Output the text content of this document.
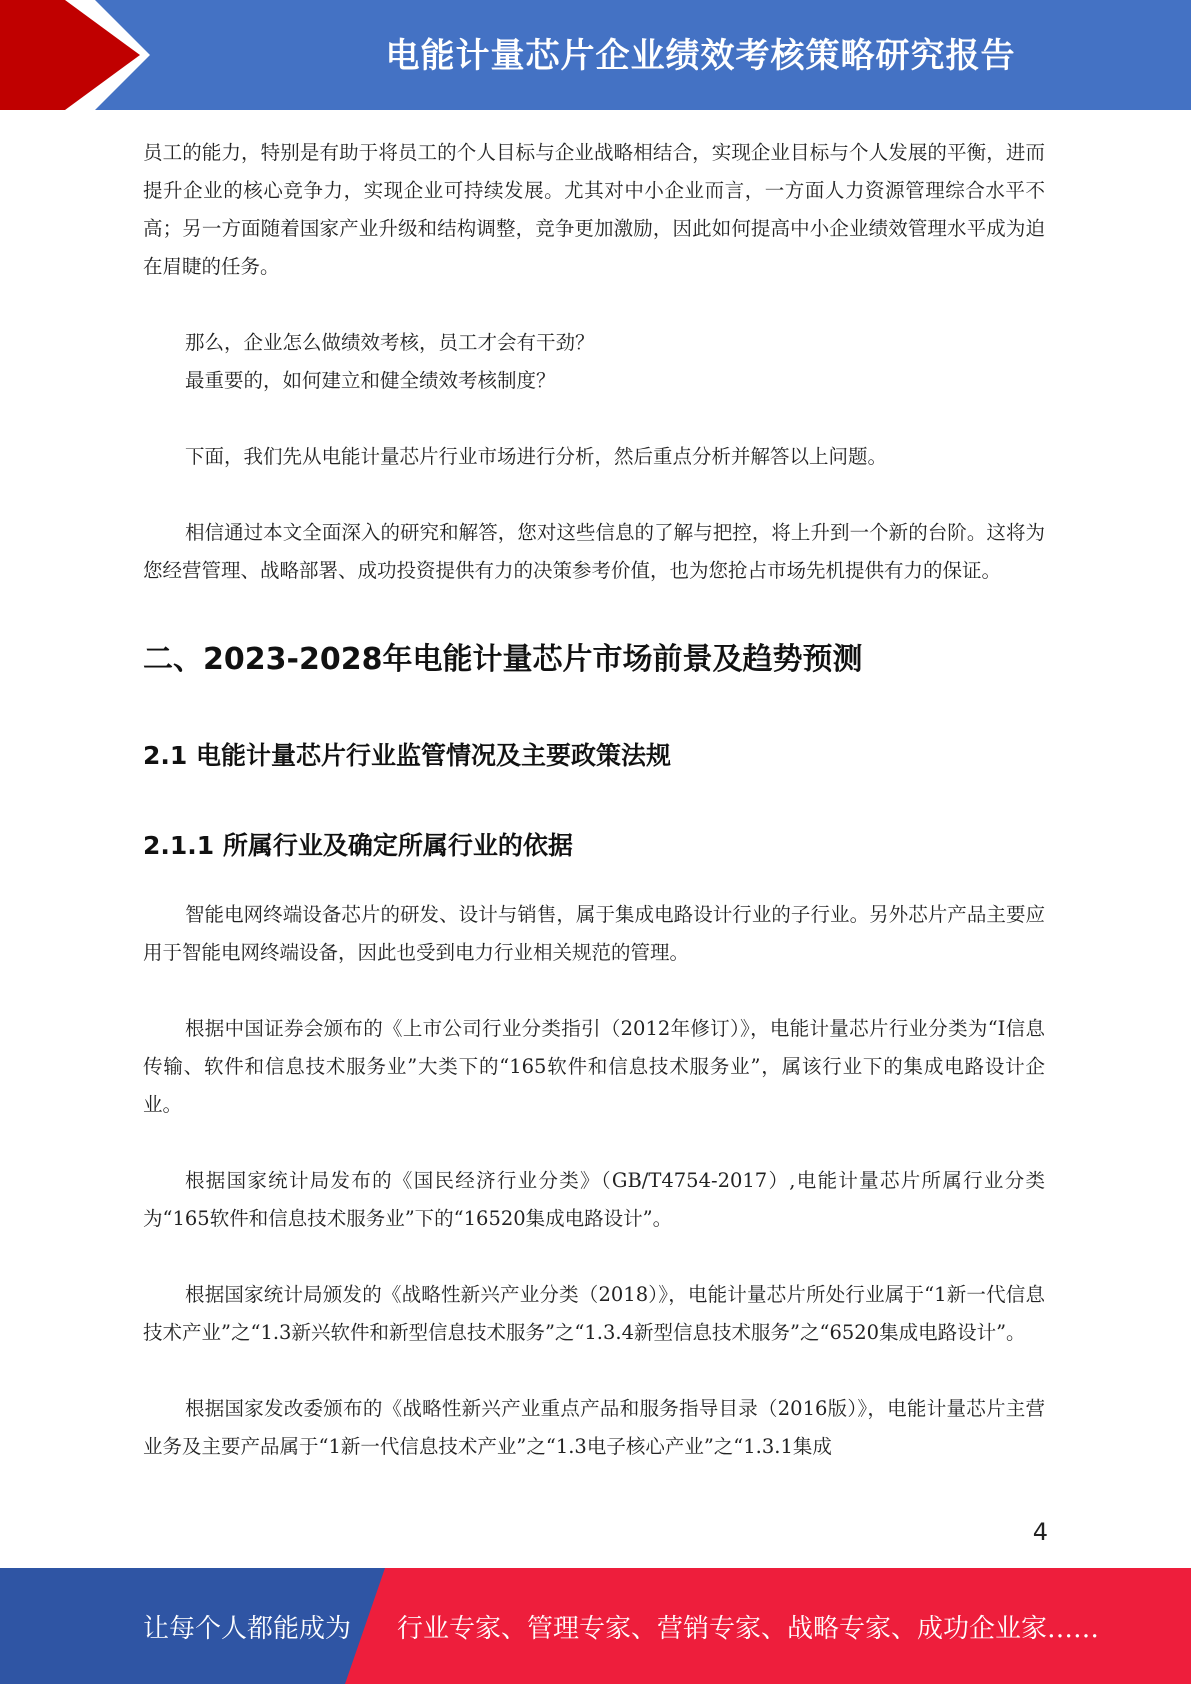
电能计量芯片企业绩效考核策略研究报告

员工的能力，特别是有助于将员工的个人目标与企业战略相结合，实现企业目标与个人发展的平衡，进而提升企业的核心竞争力，实现企业可持续发展。尤其对中小企业而言，一方面人力资源管理综合水平不高；另一方面随着国家产业升级和结构调整，竞争更加激励，因此如何提高中小企业绩效管理水平成为迫在眉睫的任务。

那么，企业怎么做绩效考核，员工才会有干劲？

最重要的，如何建立和健全绩效考核制度？

下面，我们先从电能计量芯片行业市场进行分析，然后重点分析并解答以上问题。

相信通过本文全面深入的研究和解答，您对这些信息的了解与把控，将上升到一个新的台阶。这将为您经营管理、战略部署、成功投资提供有力的决策参考价值，也为您抢占市场先机提供有力的保证。

二、2023-2028年电能计量芯片市场前景及趋势预测
2.1 电能计量芯片行业监管情况及主要政策法规
2.1.1 所属行业及确定所属行业的依据

智能电网终端设备芯片的研发、设计与销售，属于集成电路设计行业的子行业。另外芯片产品主要应用于智能电网终端设备，因此也受到电力行业相关规范的管理。

根据中国证券会颁布的《上市公司行业分类指引（2012年修订）》，电能计量芯片行业分类为“I信息传输、软件和信息技术服务业”大类下的“165软件和信息技术服务业”，属该行业下的集成电路设计企业。

根据国家统计局发布的《国民经济行业分类》（GB/T4754-2017）,电能计量芯片所属行业分类为“165软件和信息技术服务业”下的“16520集成电路设计”。

根据国家统计局颁发的《战略性新兴产业分类（2018）》，电能计量芯片所处行业属于“1新一代信息技术产业”之“1.3新兴软件和新型信息技术服务”之“1.3.4新型信息技术服务”之“6520集成电路设计”。

根据国家发改委颁布的《战略性新兴产业重点产品和服务指导目录（2016版）》，电能计量芯片主营业务及主要产品属于“1新一代信息技术产业”之“1.3电子核心产业”之“1.3.1集成

4
让每个人都能成为 行业专家、管理专家、营销专家、战略专家、成功企业家……
